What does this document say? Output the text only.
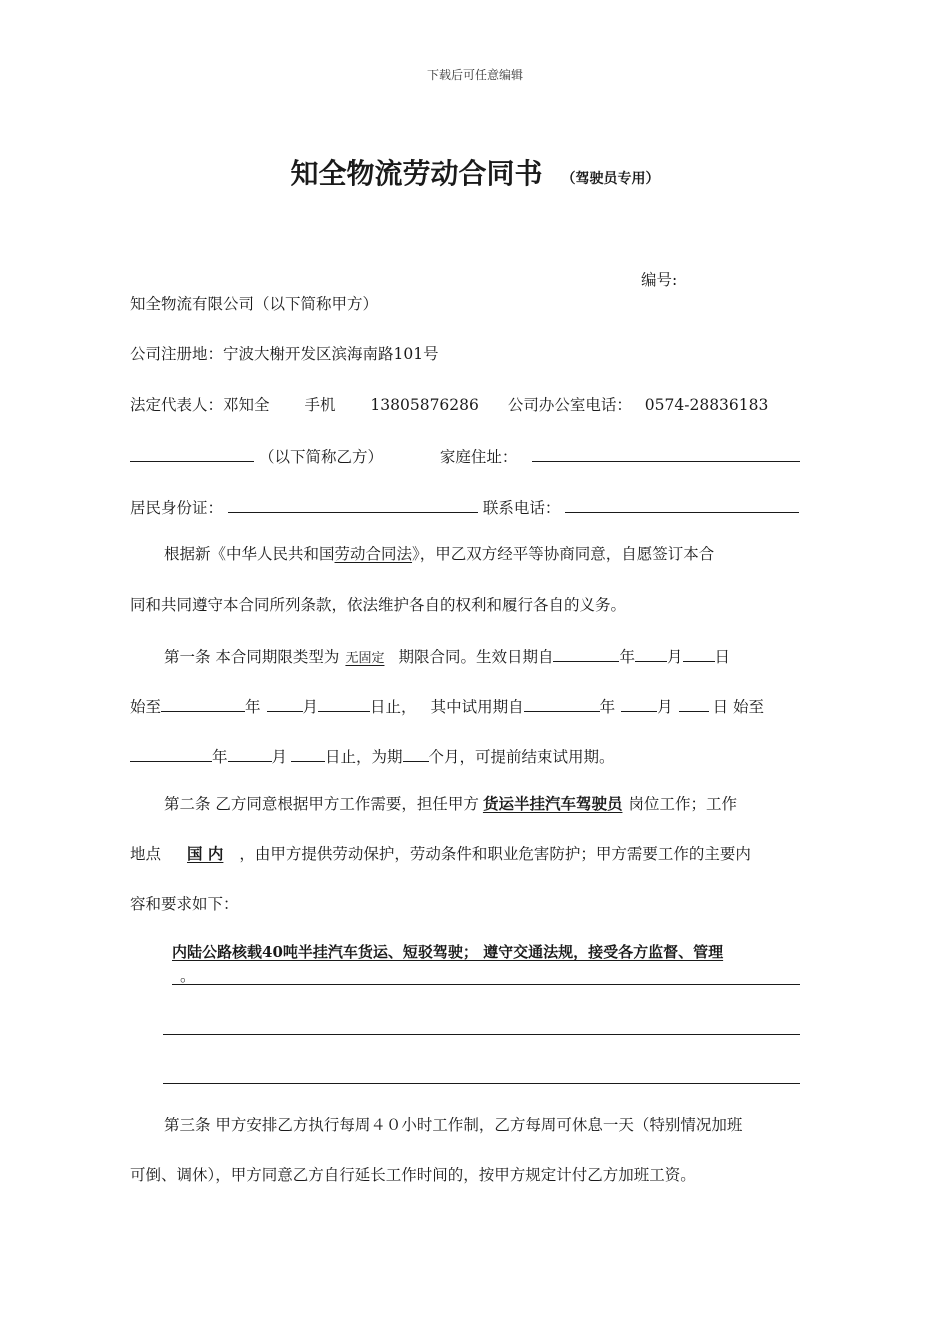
下载后可任意编辑
知全物流劳动合同书 （驾驶员专用）
编号:
知全物流有限公司（以下简称甲方）
公司注册地：宁波大榭开发区滨海南路101号
法定代表人：邓知全 手机 13805876286 公司办公室电话： 0574-28836183
（以下简称乙方）	家庭住址：
居民身份证：	联系电话：
根据新《中华人民共和国劳动合同法》，甲乙双方经平等协商同意，自愿签订本合
同和共同遵守本合同所列条款，依法维护各自的权利和履行各自的义务。
第一条 本合同期限类型为 无固定 期限合同。生效日期自	年 月 日
始至	年	月	日止， 其中试用期自	年	月	日 始至
年	月 日止，为期 个月，可提前结束试用期。
第二条 乙方同意根据甲方工作需要，担任甲方 货运半挂汽车驾驶员 岗位工作；工作
地点 国 内 ，由甲方提供劳动保护，劳动条件和职业危害防护；甲方需要工作的主要内
容和要求如下：
内陆公路核载40吨半挂汽车货运、短驳驾驶； 遵守交通法规，接受各方监督、管理
。
第三条 甲方安排乙方执行每周４０小时工作制，乙方每周可休息一天（特别情况加班
可倒、调休），甲方同意乙方自行延长工作时间的，按甲方规定计付乙方加班工资。
